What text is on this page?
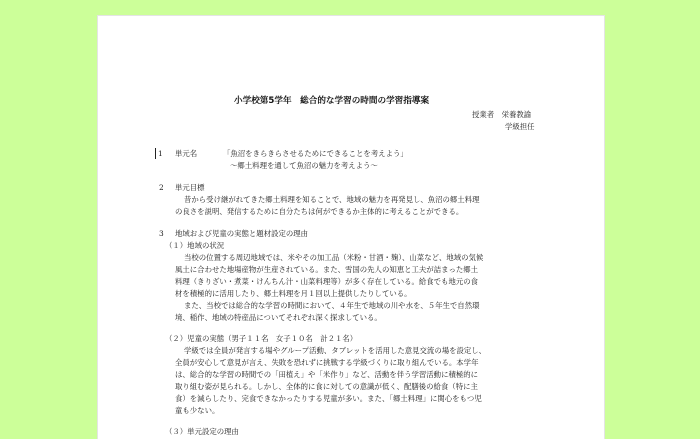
小学校第5学年　総合的な学習の時間の学習指導案
授業者　栄養教諭
学級担任
1 単元名	「魚沼をきらきらさせるためにできることを考えよう」
～郷土料理を通して魚沼の魅力を考えよう～
2 単元目標
昔から受け継がれてきた郷土料理を知ることで、地域の魅力を再発見し、魚沼の郷土料理
の良さを説明、発信するために自分たちは何ができるか主体的に考えることができる。
3 地域および児童の実態と題材設定の理由
（１）地域の状況
当校の位置する周辺地域では、米やその加工品（米粉・甘酒・麹）、山菜など、地域の気候
風土に合わせた地場産物が生産されている。また、雪国の先人の知恵と工夫が詰まった郷土
料理（きりざい・煮菜・けんちん汁・山菜料理等）が多く存在している。給食でも地元の食
材を積極的に活用したり、郷土料理を月１回以上提供したりしている。
また、当校では総合的な学習の時間において、４年生で地域の川や水を、５年生で自然環
境、稲作、地域の特産品についてそれぞれ深く探求している。
（２）児童の実態（男子１１名　女子１０名　計２１名）
学級では全員が発言する場やグループ活動、タブレットを活用した意見交流の場を設定し、
全員が安心して意見が言え、失敗を恐れずに挑戦する学級づくりに取り組んでいる。本学年
は、総合的な学習の時間での「田植え」や「米作り」など、活動を伴う学習活動に積極的に
取り組む姿が見られる。しかし、全体的に食に対しての意識が低く、配膳後の給食（特に主
食）を減らしたり、完食できなかったりする児童が多い。また、「郷土料理」に関心をもつ児
童も少ない。
（３）単元設定の理由
